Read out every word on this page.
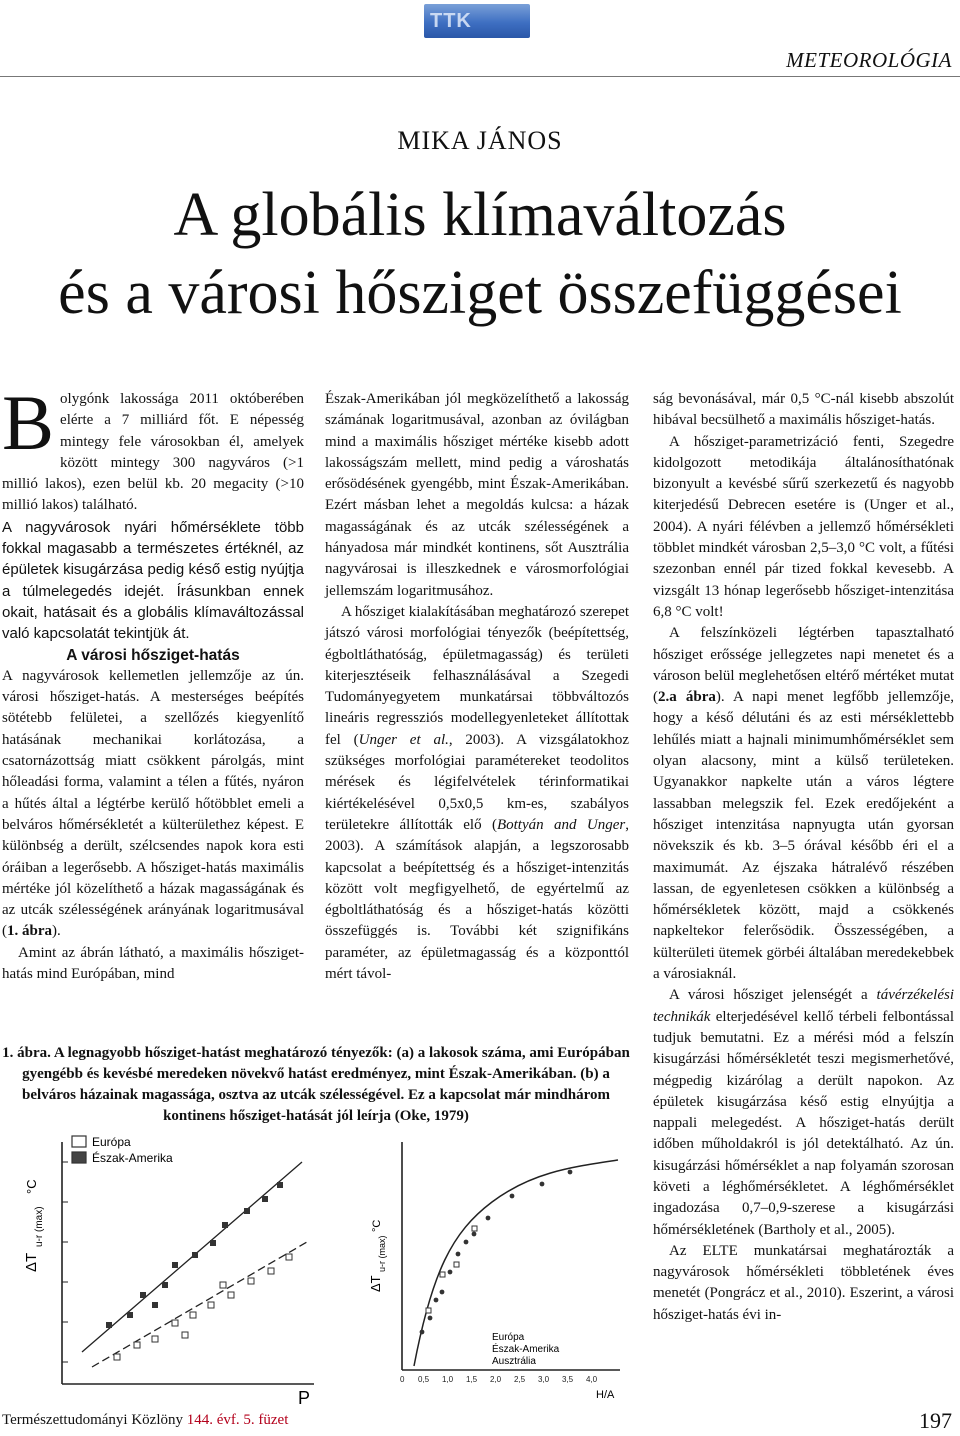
TTK
METEOROLÓGIA
MIKA JÁNOS
A globális klímaváltozás
és a városi hősziget összefüggései

Bolygónk lakossága 2011 októberében elérte a 7 milliárd főt. E népesség mintegy fele városokban él, amelyek között mintegy 300 nagyváros (>1 millió lakos), ezen belül kb. 20 megacity (>10 millió lakos) található.

A nagyvárosok nyári hőmérséklete több fokkal magasabb a természetes értéknél, az épületek kisugárzása pedig késő estig nyújtja a túlmelegedés idejét. Írásunkban ennek okait, hatásait és a globális klímaváltozással való kapcsolatát tekintjük át.

A városi hősziget-hatás

A nagyvárosok kellemetlen jellemzője az ún. városi hősziget-hatás. A mesterséges beépítés sötétebb felületei, a szellőzés kiegyenlítő hatásának mechanikai korlátozása, a csatornázottság miatt csökkent párolgás, mint hőleadási forma, valamint a télen a fűtés, nyáron a hűtés által a légtérbe kerülő hőtöbblet emeli a belváros hőmérsékletét a külterülethez képest. E különbség a derült, szélcsendes napok kora esti óráiban a legerősebb. A hősziget-hatás maximális mértéke jól közelíthető a házak magasságának és az utcák szélességének arányának logaritmusával (1. ábra).

Amint az ábrán látható, a maximális hősziget-hatás mind Európában, mind

Észak-Amerikában jól megközelíthető a lakosság számának logaritmusával, azonban az óvilágban mind a maximális hősziget mértéke kisebb adott lakosságszám mellett, mind pedig a városhatás erősödésének gyengébb, mint Észak-Amerikában. Ezért másban lehet a megoldás kulcsa: a házak magasságának és az utcák szélességének a hányadosa már mindkét kontinens, sőt Ausztrália nagyvárosai is illeszkednek e városmorfológiai jellemszám logaritmusához.

A hősziget kialakításában meghatározó szerepet játszó városi morfológiai tényezők (beépítettség, égboltláthatóság, épületmagasság) és területi kiterjesztéseik felhasználásával a Szegedi Tudományegyetem munkatársai többváltozós lineáris regressziós modellegyenleteket állítottak fel (Unger et al., 2003). A vizsgálatokhoz szükséges morfológiai paramétereket teodolitos mérések és légifelvételek térinformatikai kiértékelésével 0,5x0,5 km-es, szabályos területekre állították elő (Bottyán and Unger, 2003). A számítások alapján, a legszorosabb kapcsolat a beépítettség és a hősziget-intenzitás között volt megfigyelhető, de egyértelmű az égboltláthatóság és a hősziget-hatás közötti összefüggés is. További két szignifikáns paraméter, az épületmagasság és a központtól mért távol-

ság bevonásával, már 0,5 °C-nál kisebb abszolút hibával becsülhető a maximális hősziget-hatás.

A hősziget-parametrizáció fenti, Szegedre kidolgozott metodikája általánosíthatónak bizonyult a kevésbé sűrű szerkezetű és nagyobb kiterjedésű Debrecen esetére is (Unger et al., 2004). A nyári félévben a jellemző hőmérsékleti többlet mindkét városban 2,5–3,0 °C volt, a fűtési szezonban ennél pár tized fokkal kevesebb. A vizsgált 13 hónap legerősebb hősziget-intenzitása 6,8 °C volt!

A felszínközeli légtérben tapasztalható hősziget erőssége jellegzetes napi menetet és a városon belül meglehetősen eltérő mértéket mutat (2.a ábra). A napi menet legfőbb jellemzője, hogy a késő délutáni és az esti mérséklettebb lehűlés miatt a hajnali minimumhőmérséklet sem olyan alacsony, mint a külső területeken. Ugyanakkor napkelte után a város légtere lassabban melegszik fel. Ezek eredőjeként a hősziget intenzitása napnyugta után gyorsan növekszik és kb. 3–5 órával később éri el a maximumát. Az éjszaka hátralévő részében lassan, de egyenletesen csökken a különbség a hőmérsékletek között, majd a csökkenés napkeltekor felerősödik. Összességében, a külterületi ütemek görbéi általában meredekebbek a városiaknál.

A városi hősziget jelenségét a távérzékelési technikák elterjedésével kellő térbeli felbontással tudjuk bemutatni. Ez a mérési mód a felszín kisugárzási hőmérsékletét teszi megismerhetővé, mégpedig kizárólag a derült napokon. Az épületek kisugárzása késő estig elnyújtja a nappali melegedést. A hősziget-hatás derült időben műholdakról is jól detektálható. Az ún. kisugárzási hőmérséklet a nap folyamán szorosan követi a léghőmérsékletet. A léghőmérséklet ingadozása 0,7–0,9-szerese a kisugárzási hőmérsékletének (Bartholy et al., 2005).

Az ELTE munkatársai meghatározták a nagyvárosok hőmérsékleti többletének éves menetét (Pongrácz et al., 2010). Eszerint, a városi hősziget-hatás évi in-

1. ábra. A legnagyobb hősziget-hatást meghatározó tényezők: (a) a lakosok száma, ami Európában gyengébb és kevésbé meredeken növekvő hatást eredményez, mint Észak-Amerikában. (b) a belváros házainak magassága, osztva az utcák szélességével. Ez a kapcsolat már mindhárom kontinens hősziget-hatását jól leírja (Oke, 1979)
Európa
Észak-Amerika
ΔT
u-r (max)
°C
P
Európa
Észak-Amerika
Ausztrália
0 0,5 1,0 1,5 2,0 2,5 3,0 3,5 4,0
H/A
ΔT
u-r (max)
°C
Természettudományi Közlöny 144. évf. 5. füzet	197
